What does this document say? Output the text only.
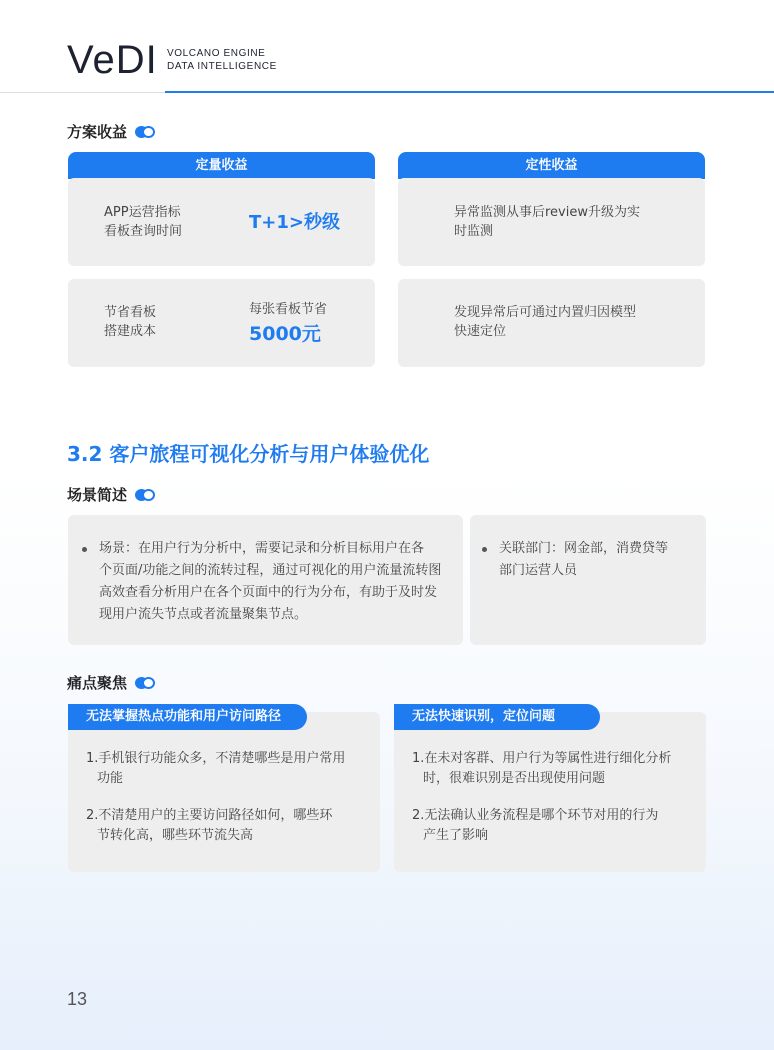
VeDI VOLCANO ENGINE
DATA INTELLIGENCE
方案收益
定量收益
APP运营指标
看板查询时间	T+1>秒级
节省看板
搭建成本
每张看板节省
5000元
定性收益
异常监测从事后review升级为实
时监测
发现异常后可通过内置归因模型
快速定位
3.2 客户旅程可视化分析与用户体验优化
场景简述
场景：在用户行为分析中，需要记录和分析目标用户在各
个页面/功能之间的流转过程，通过可视化的用户流量流转图
高效查看分析用户在各个页面中的行为分布，有助于及时发
现用户流失节点或者流量聚集节点。
关联部门：网金部，消费贷等
部门运营人员
痛点聚焦
1.手机银行功能众多，不清楚哪些是用户常用
功能
2.不清楚用户的主要访问路径如何，哪些环
节转化高，哪些环节流失高
无法掌握热点功能和用户访问路径
1.在未对客群、用户行为等属性进行细化分析
时，很难识别是否出现使用问题
2.无法确认业务流程是哪个环节对用的行为
产生了影响
无法快速识别，定位问题
13
